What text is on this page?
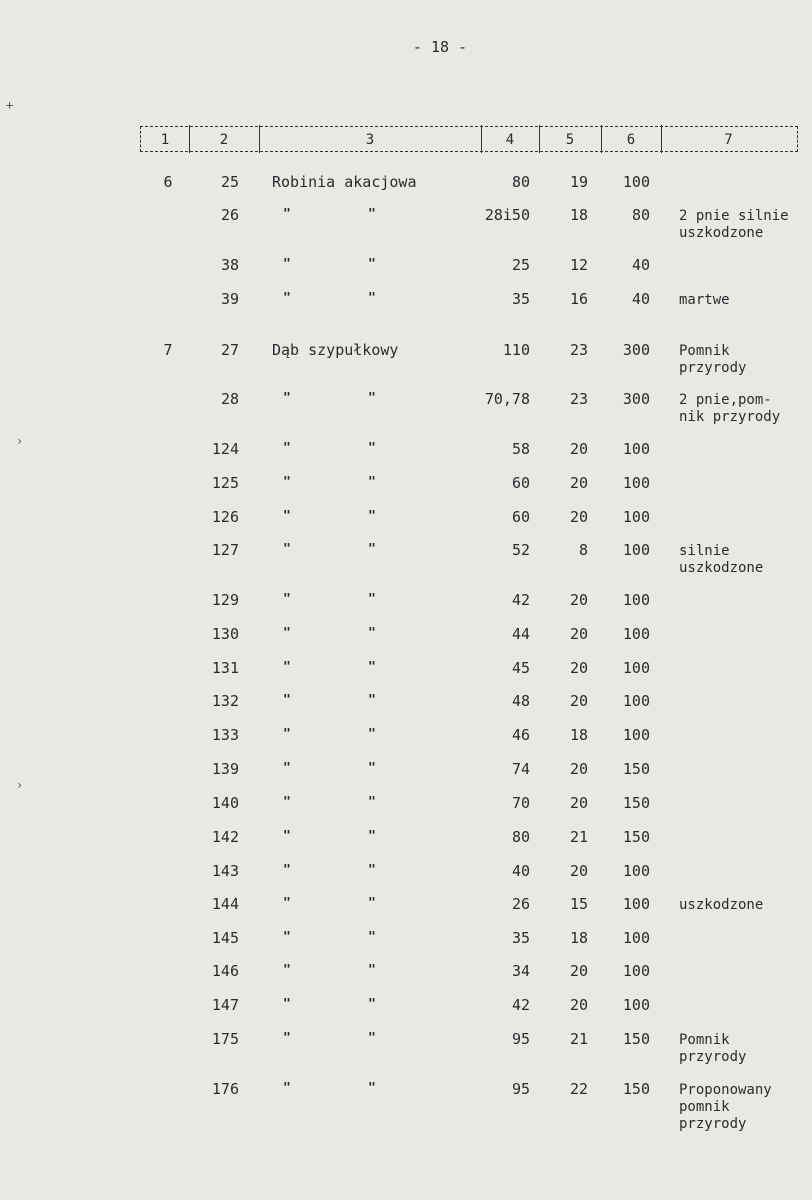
- 18 -
+
›
›
1	2	3	4	5	6	7
6	25 Robinia akacjowa	80	19	100
26	"	"	28i50	18	80 2 pnie silnie
uszkodzone
38	"	"	25	12	40
39	"	"	35	16	40 martwe
7	27 Dąb szypułkowy	110	23	300 Pomnik
przyrody
28	"	"	70,78	23	300 2 pnie,pom-
nik przyrody
124	"	"	58	20	100
125	"	"	60	20	100
126	"	"	60	20	100
127	"	"	52	8	100 silnie
uszkodzone
129	"	"	42	20	100
130	"	"	44	20	100
131	"	"	45	20	100
132	"	"	48	20	100
133	"	"	46	18	100
139	"	"	74	20	150
140	"	"	70	20	150
142	"	"	80	21	150
143	"	"	40	20	100
144	"	"	26	15	100 uszkodzone
145	"	"	35	18	100
146	"	"	34	20	100
147	"	"	42	20	100
175	"	"	95	21	150 Pomnik
przyrody
176	"	"	95	22	150 Proponowany
pomnik
przyrody
